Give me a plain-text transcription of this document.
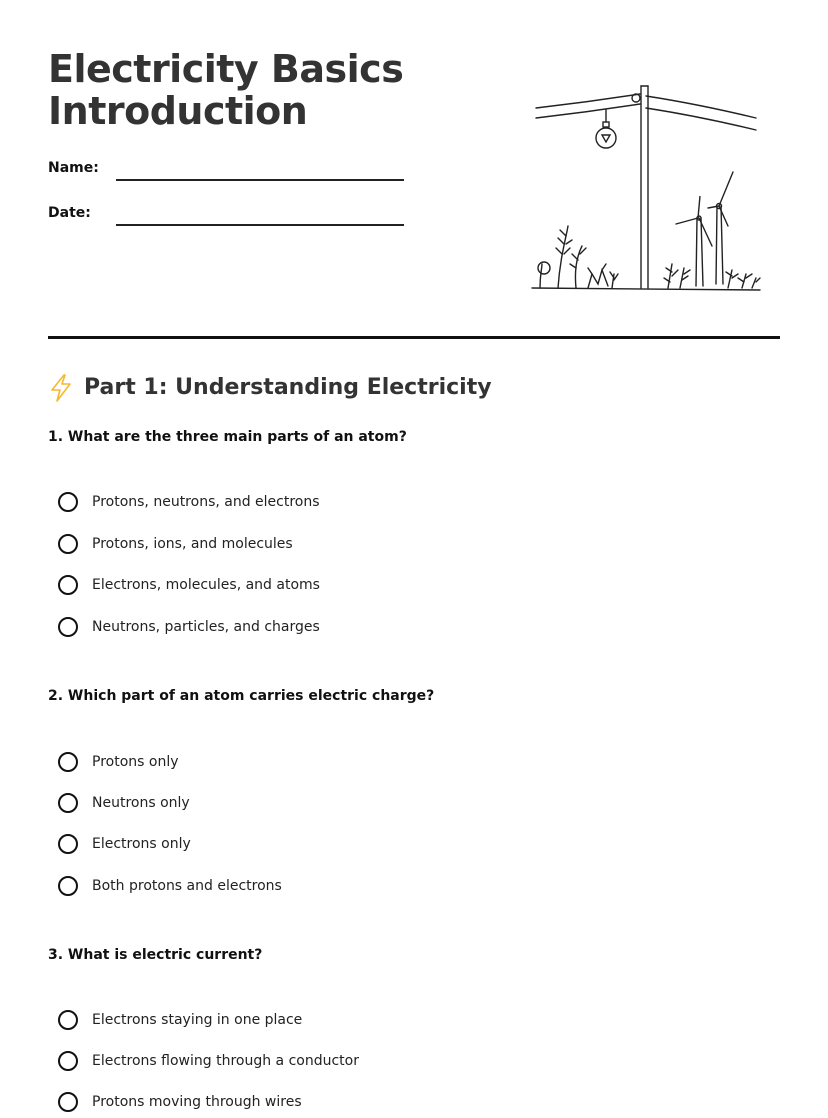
Electricity Basics
Introduction
Name:
Date:
Part 1: Understanding Electricity

1. What are the three main parts of an atom?

Protons, neutrons, and electrons
Protons, ions, and molecules
Electrons, molecules, and atoms
Neutrons, particles, and charges

2. Which part of an atom carries electric charge?

Protons only
Neutrons only
Electrons only
Both protons and electrons

3. What is electric current?

Electrons staying in one place
Electrons flowing through a conductor
Protons moving through wires
